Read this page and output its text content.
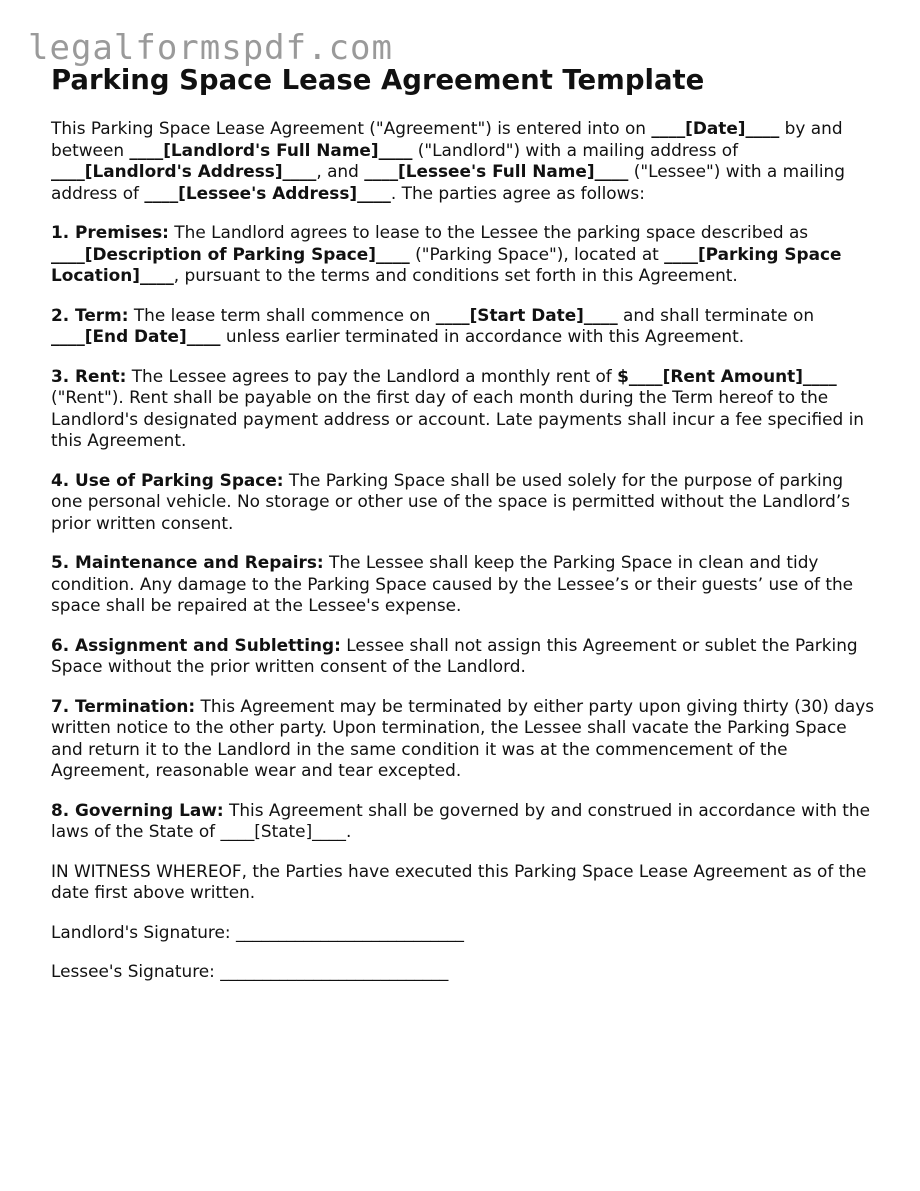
legalformspdf.com
Parking Space Lease Agreement Template

This Parking Space Lease Agreement ("Agreement") is entered into on ____[Date]____ by and between ____[Landlord's Full Name]____ ("Landlord") with a mailing address of ____[Landlord's Address]____, and ____[Lessee's Full Name]____ ("Lessee") with a mailing address of ____[Lessee's Address]____. The parties agree as follows:

1. Premises: The Landlord agrees to lease to the Lessee the parking space described as ____[Description of Parking Space]____ ("Parking Space"), located at ____[Parking Space Location]____, pursuant to the terms and conditions set forth in this Agreement.

2. Term: The lease term shall commence on ____[Start Date]____ and shall terminate on ____[End Date]____ unless earlier terminated in accordance with this Agreement.

3. Rent: The Lessee agrees to pay the Landlord a monthly rent of $____[Rent Amount]____ ("Rent"). Rent shall be payable on the first day of each month during the Term hereof to the Landlord's designated payment address or account. Late payments shall incur a fee specified in this Agreement.

4. Use of Parking Space: The Parking Space shall be used solely for the purpose of parking one personal vehicle. No storage or other use of the space is permitted without the Landlord’s prior written consent.

5. Maintenance and Repairs: The Lessee shall keep the Parking Space in clean and tidy condition. Any damage to the Parking Space caused by the Lessee’s or their guests’ use of the space shall be repaired at the Lessee's expense.

6. Assignment and Subletting: Lessee shall not assign this Agreement or sublet the Parking Space without the prior written consent of the Landlord.

7. Termination: This Agreement may be terminated by either party upon giving thirty (30) days written notice to the other party. Upon termination, the Lessee shall vacate the Parking Space and return it to the Landlord in the same condition it was at the commencement of the Agreement, reasonable wear and tear excepted.

8. Governing Law: This Agreement shall be governed by and construed in accordance with the laws of the State of ____[State]____.

IN WITNESS WHEREOF, the Parties have executed this Parking Space Lease Agreement as of the date first above written.

Landlord's Signature: ___________________________

Lessee's Signature: ___________________________
